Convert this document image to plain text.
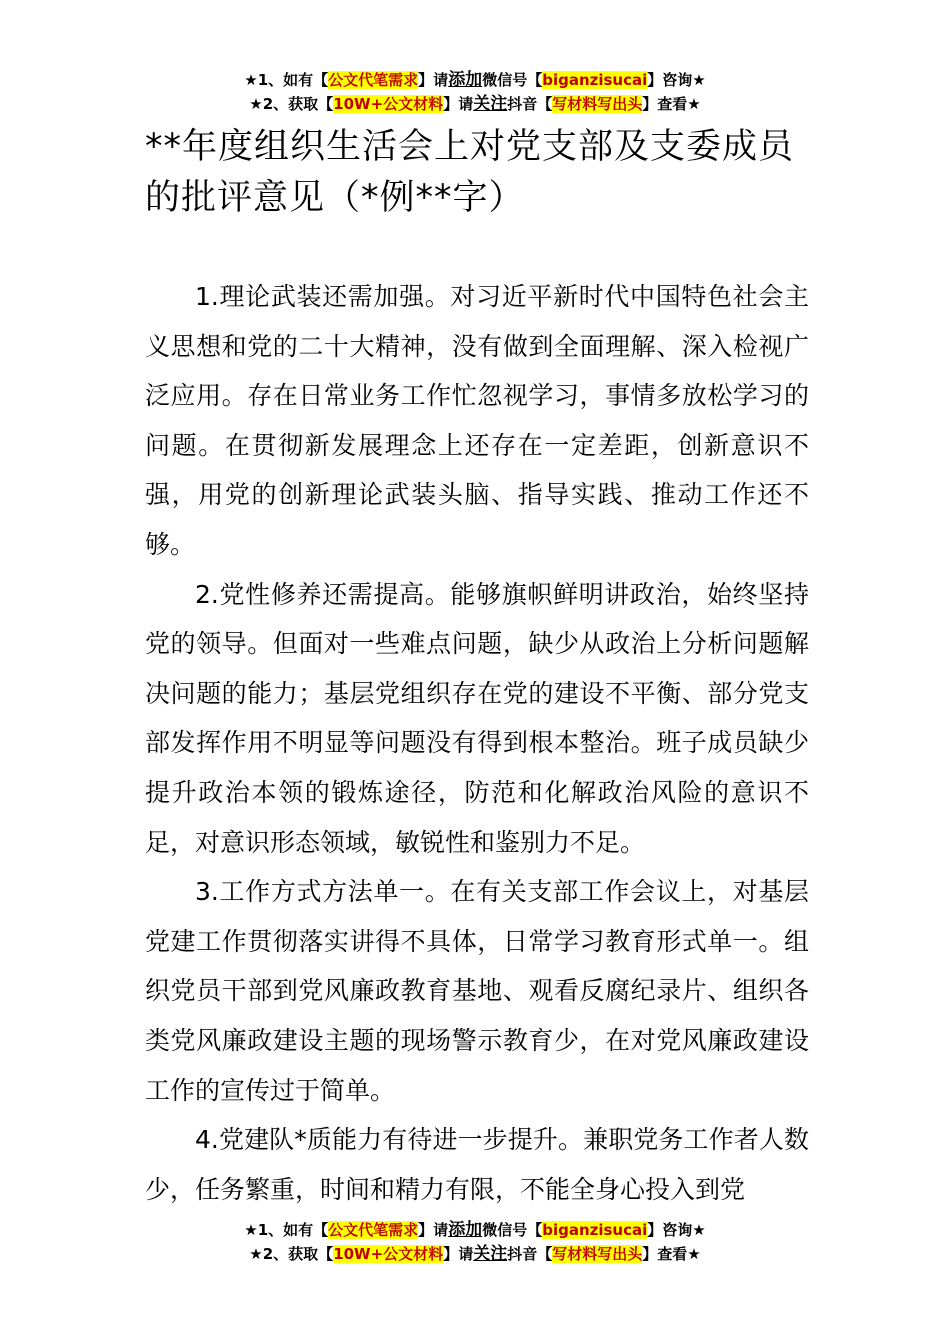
★1、如有【公文代笔需求】请添加微信号【biganzisucai】咨询★
★2、获取【10W+公文材料】请关注抖音【写材料写出头】查看★
**年度组织生活会上对党支部及支委成员的批评意见（*例**字）

1.理论武装还需加强。对习近平新时代中国特色社会主义思想和党的二十大精神，没有做到全面理解、深入检视广泛应用。存在日常业务工作忙忽视学习，事情多放松学习的问题。在贯彻新发展理念上还存在一定差距，创新意识不强，用党的创新理论武装头脑、指导实践、推动工作还不够。

2.党性修养还需提高。能够旗帜鲜明讲政治，始终坚持党的领导。但面对一些难点问题，缺少从政治上分析问题解决问题的能力；基层党组织存在党的建设不平衡、部分党支部发挥作用不明显等问题没有得到根本整治。班子成员缺少提升政治本领的锻炼途径，防范和化解政治风险的意识不足，对意识形态领域，敏锐性和鉴别力不足。

3.工作方式方法单一。在有关支部工作会议上，对基层党建工作贯彻落实讲得不具体，日常学习教育形式单一。组织党员干部到党风廉政教育基地、观看反腐纪录片、组织各类党风廉政建设主题的现场警示教育少，在对党风廉政建设工作的宣传过于简单。

4.党建队*质能力有待进一步提升。兼职党务工作者人数少，任务繁重，时间和精力有限，不能全身心投入到党

★1、如有【公文代笔需求】请添加微信号【biganzisucai】咨询★
★2、获取【10W+公文材料】请关注抖音【写材料写出头】查看★
